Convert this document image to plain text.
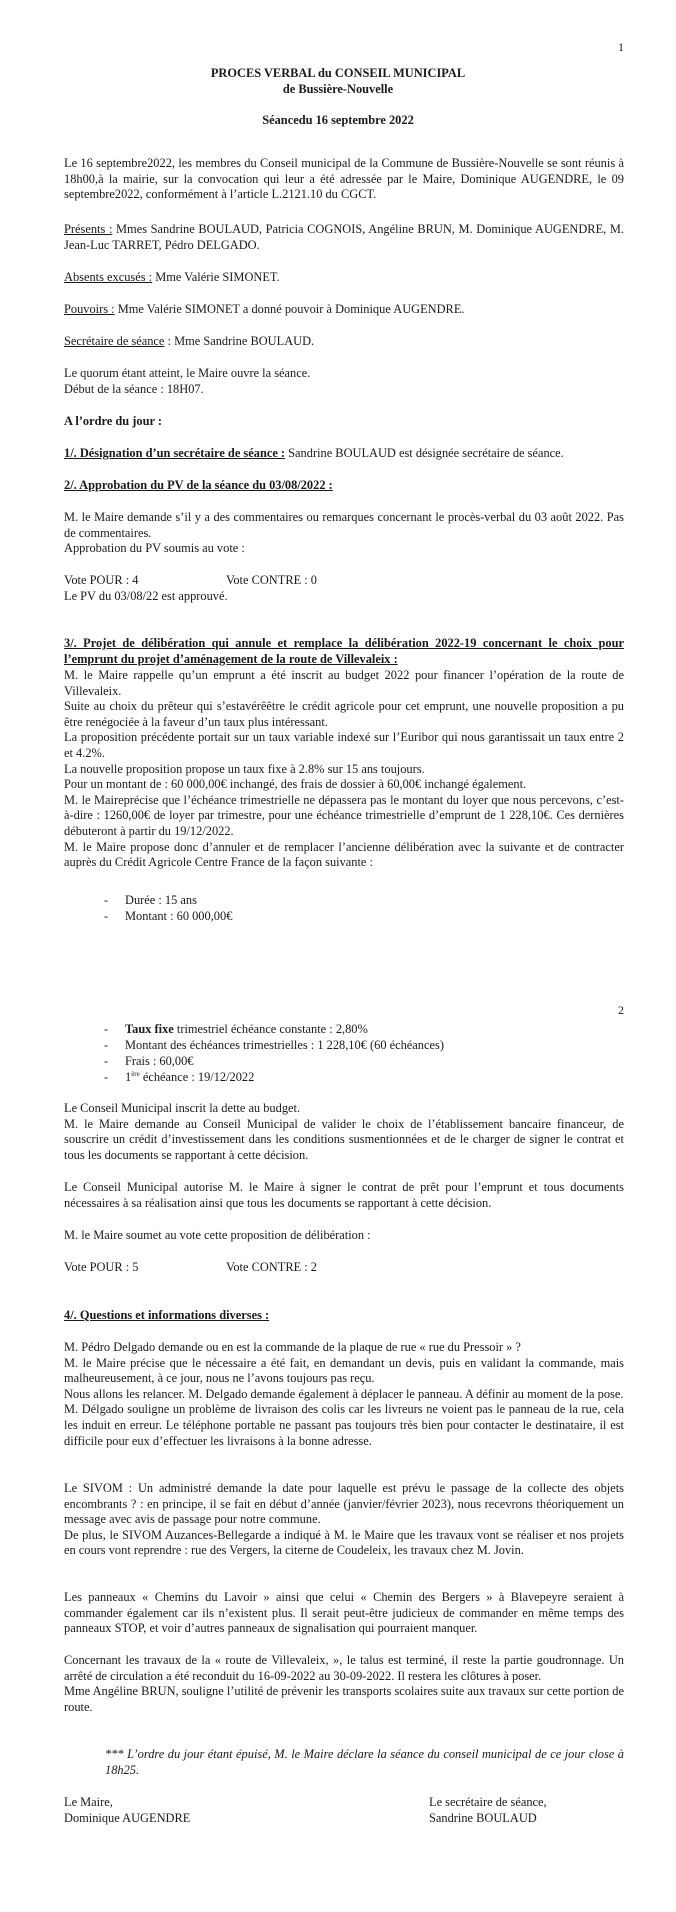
1

PROCES VERBAL du CONSEIL MUNICIPAL

de Bussière-Nouvelle

Séancedu 16 septembre 2022

Le 16 septembre2022, les membres du Conseil municipal de la Commune de Bussière-Nouvelle se sont réunis à 18h00,à la mairie, sur la convocation qui leur a été adressée par le Maire, Dominique AUGENDRE, le 09 septembre2022, conformément à l’article L.2121.10 du CGCT.

Présents : Mmes Sandrine BOULAUD, Patricia COGNOIS, Angéline BRUN, M. Dominique AUGENDRE, M. Jean-Luc TARRET, Pédro DELGADO.

Absents excusés : Mme Valérie SIMONET.

Pouvoirs : Mme Valérie SIMONET a donné pouvoir à Dominique AUGENDRE.

Secrétaire de séance : Mme Sandrine BOULAUD.

Le quorum étant atteint, le Maire ouvre la séance.

Début de la séance : 18H07.

A l’ordre du jour :

1/. Désignation d’un secrétaire de séance : Sandrine BOULAUD est désignée secrétaire de séance.

2/. Approbation du PV de la séance du 03/08/2022 :

M. le Maire demande s’il y a des commentaires ou remarques concernant le procès-verbal du 03 août 2022. Pas de commentaires.

Approbation du PV soumis au vote :

Vote POUR : 4	Vote CONTRE : 0

Le PV du 03/08/22 est approuvé.

3/. Projet de délibération qui annule et remplace la délibération 2022-19 concernant le choix pour l’emprunt du projet d’aménagement de la route de Villevaleix :

M. le Maire rappelle qu’un emprunt a été inscrit au budget 2022 pour financer l’opération de la route de Villevaleix.

Suite au choix du prêteur qui s’estavérêêtre le crédit agricole pour cet emprunt, une nouvelle proposition a pu être renégociée à la faveur d’un taux plus intéressant.

La proposition précédente portait sur un taux variable indexé sur l’Euribor qui nous garantissait un taux entre 2 et 4.2%.

La nouvelle proposition propose un taux fixe à 2.8% sur 15 ans toujours.

Pour un montant de : 60 000,00€ inchangé, des frais de dossier à 60,00€ inchangé également.

M. le Maireprécise que l’échéance trimestrielle ne dépassera pas le montant du loyer que nous percevons, c’est-à-dire : 1260,00€ de loyer par trimestre, pour une échéance trimestrielle d’emprunt de 1 228,10€. Ces dernières débuteront à partir du 19/12/2022.

M. le Maire propose donc d’annuler et de remplacer l’ancienne délibération avec la suivante et de contracter auprès du Crédit Agricole Centre France de la façon suivante :

- Durée : 15 ans
- Montant : 60 000,00€
2
- Taux fixe trimestriel échéance constante : 2,80%
- Montant des échéances trimestrielles : 1 228,10€ (60 échéances)
- Frais : 60,00€
- 1ère échéance : 19/12/2022

Le Conseil Municipal inscrit la dette au budget.

M. le Maire demande au Conseil Municipal de valider le choix de l’établissement bancaire financeur, de souscrire un crédit d’investissement dans les conditions susmentionnées et de le charger de signer le contrat et tous les documents se rapportant à cette décision.

Le Conseil Municipal autorise M. le Maire à signer le contrat de prêt pour l’emprunt et tous documents nécessaires à sa réalisation ainsi que tous les documents se rapportant à cette décision.

M. le Maire soumet au vote cette proposition de délibération :

Vote POUR : 5	Vote CONTRE : 2

4/. Questions et informations diverses :

M. Pédro Delgado demande ou en est la commande de la plaque de rue « rue du Pressoir » ?

M. le Maire précise que le nécessaire a été fait, en demandant un devis, puis en validant la commande, mais malheureusement, à ce jour, nous ne l’avons toujours pas reçu.

Nous allons les relancer. M. Delgado demande également à déplacer le panneau. A définir au moment de la pose.

M. Délgado souligne un problème de livraison des colis car les livreurs ne voient pas le panneau de la rue, cela les induit en erreur. Le téléphone portable ne passant pas toujours très bien pour contacter le destinataire, il est difficile pour eux d’effectuer les livraisons à la bonne adresse.

Le SIVOM : Un administré demande la date pour laquelle est prévu le passage de la collecte des objets encombrants ? : en principe, il se fait en début d’année (janvier/février 2023), nous recevrons théoriquement un message avec avis de passage pour notre commune.

De plus, le SIVOM Auzances-Bellegarde a indiqué à M. le Maire que les travaux vont se réaliser et nos projets en cours vont reprendre : rue des Vergers, la citerne de Coudeleix, les travaux chez M. Jovin.

Les panneaux « Chemins du Lavoir » ainsi que celui « Chemin des Bergers » à Blavepeyre seraient à commander également car ils n’existent plus. Il serait peut-être judicieux de commander en même temps des panneaux STOP, et voir d’autres panneaux de signalisation qui pourraient manquer.

Concernant les travaux de la « route de Villevaleix, », le talus est terminé, il reste la partie goudronnage. Un arrêté de circulation a été reconduit du 16-09-2022 au 30-09-2022. Il restera les clôtures à poser.

Mme Angéline BRUN, souligne l’utilité de prévenir les transports scolaires suite aux travaux sur cette portion de route.

*** L’ordre du jour étant épuisé, M. le Maire déclare la séance du conseil municipal de ce jour close à 18h25.

Le Maire,

Dominique AUGENDRE

Le secrétaire de séance,

Sandrine BOULAUD
